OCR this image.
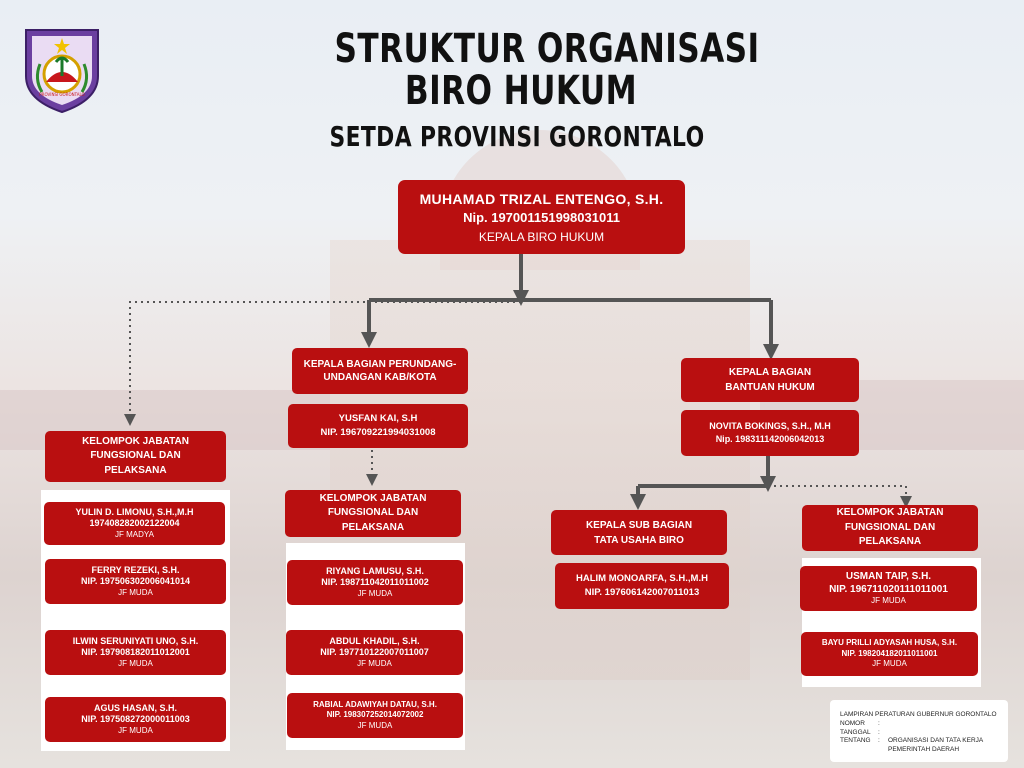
PROVINSI GORONTALO
STRUKTUR ORGANISASI
BIRO HUKUM
SETDA PROVINSI GORONTALO
MUHAMAD TRIZAL ENTENGO, S.H.
Nip. 197001151998031011
KEPALA BIRO HUKUM
KEPALA BAGIAN PERUNDANG-UNDANGAN KAB/KOTA
YUSFAN KAI, S.H
NIP. 196709221994031008
KEPALA BAGIAN BANTUAN HUKUM
NOVITA BOKINGS, S.H., M.H
Nip. 198311142006042013
KEPALA SUB BAGIAN TATA USAHA BIRO
HALIM MONOARFA, S.H.,M.H
NIP. 197606142007011013
KELOMPOK JABATAN FUNGSIONAL DAN PELAKSANA
YULIN D. LIMONU, S.H.,M.H
197408282002122004
JF MADYA
FERRY REZEKI, S.H.
NIP. 197506302006041014
JF MUDA
ILWIN SERUNIYATI UNO, S.H.
NIP. 197908182011012001
JF MUDA
AGUS HASAN, S.H.
NIP. 197508272000011003
JF MUDA
KELOMPOK JABATAN FUNGSIONAL DAN PELAKSANA
RIYANG LAMUSU, S.H.
NIP. 198711042011011002
JF MUDA
ABDUL KHADIL, S.H.
NIP. 197710122007011007
JF MUDA
RABIAL ADAWIYAH DATAU, S.H.
NIP. 198307252014072002
JF MUDA
KELOMPOK JABATAN FUNGSIONAL DAN PELAKSANA
USMAN TAIP, S.H.
NIP. 196711020111011001
JF MUDA
BAYU PRILLI ADYASAH HUSA, S.H.
NIP. 198204182011011001
JF MUDA
LAMPIRAN PERATURAN GUBERNUR GORONTALO
NOMOR	:
TANGGAL	:
TENTANG	:	ORGANISASI DAN TATA KERJA PEMERINTAH DAERAH
